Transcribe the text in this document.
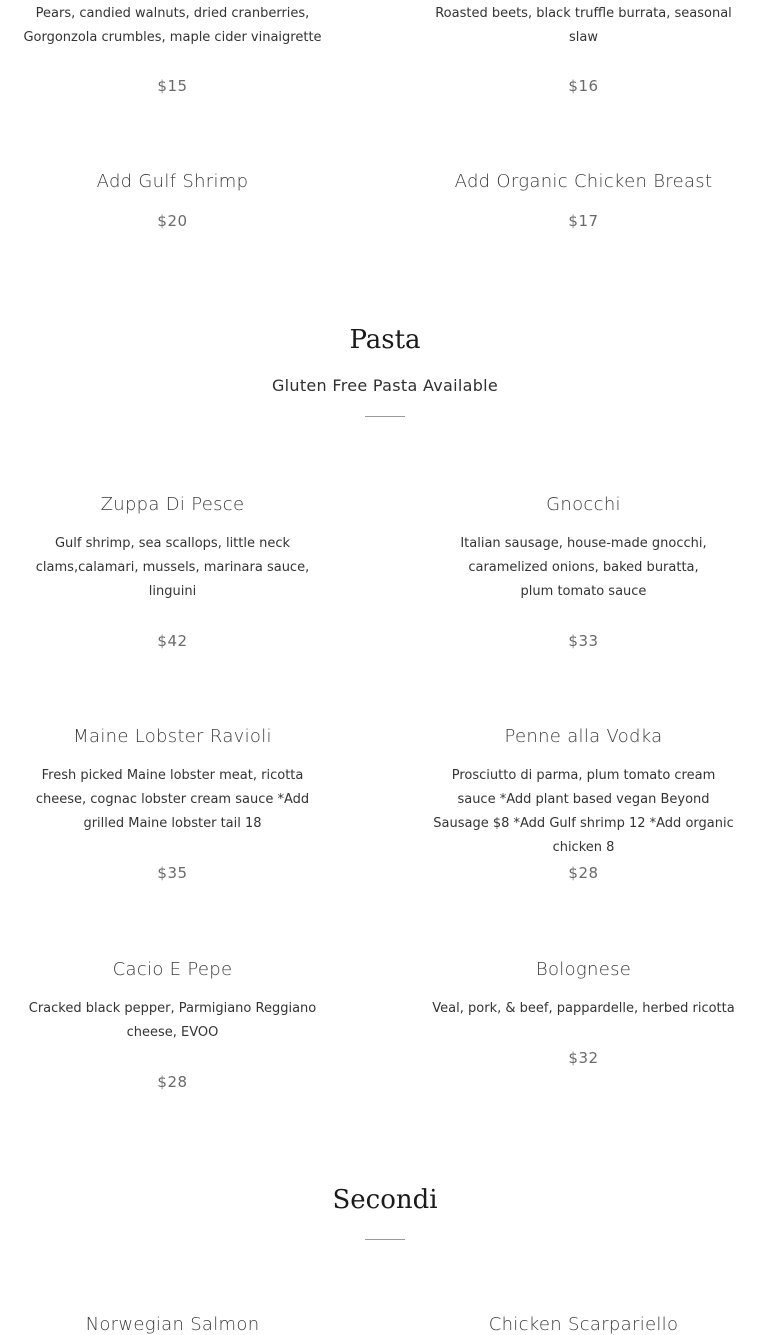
Pears, candied walnuts, dried cranberries, Gorgonzola crumbles, maple cider vinaigrette
$15
Roasted beets, black truffle burrata, seasonal slaw
$16
Add Gulf Shrimp
$20
Add Organic Chicken Breast
$17
Pasta
Gluten Free Pasta Available
Zuppa Di Pesce
Gulf shrimp, sea scallops, little neck clams,calamari, mussels, marinara sauce, linguini
$42
Gnocchi
Italian sausage, house-made gnocchi, caramelized onions, baked buratta, plum tomato sauce
$33
Maine Lobster Ravioli
Fresh picked Maine lobster meat, ricotta cheese, cognac lobster cream sauce *Add grilled Maine lobster tail 18
$35
Penne alla Vodka
Prosciutto di parma, plum tomato cream sauce *Add plant based vegan Beyond Sausage $8 *Add Gulf shrimp 12 *Add organic chicken 8
$28
Cacio E Pepe
Cracked black pepper, Parmigiano Reggiano cheese, EVOO
$28
Bolognese
Veal, pork, & beef, pappardelle, herbed ricotta
$32
Secondi
Norwegian Salmon	Chicken Scarpariello
